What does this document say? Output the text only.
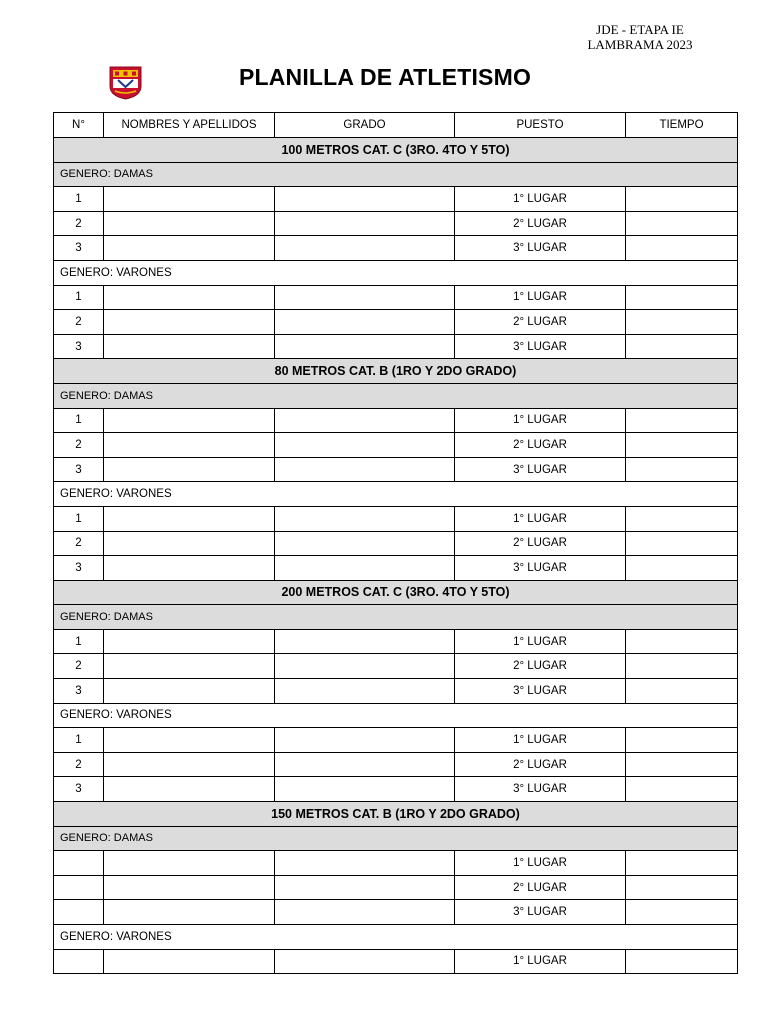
JDE - ETAPA IE
LAMBRAMA 2023
PLANILLA DE ATLETISMO
N°	NOMBRES Y APELLIDOS	GRADO	PUESTO	TIEMPO
100 METROS CAT. C (3RO. 4TO Y 5TO)				
GENERO: DAMAS				
1			1° LUGAR	
2			2° LUGAR	
3			3° LUGAR	
GENERO: VARONES				
1			1° LUGAR	
2			2° LUGAR	
3			3° LUGAR	
80 METROS CAT. B (1RO Y 2DO GRADO)				
GENERO: DAMAS				
1			1° LUGAR	
2			2° LUGAR	
3			3° LUGAR	
GENERO: VARONES				
1			1° LUGAR	
2			2° LUGAR	
3			3° LUGAR	
200 METROS CAT. C (3RO. 4TO Y 5TO)				
GENERO: DAMAS				
1			1° LUGAR	
2			2° LUGAR	
3			3° LUGAR	
GENERO: VARONES				
1			1° LUGAR	
2			2° LUGAR	
3			3° LUGAR	
150 METROS CAT. B (1RO Y 2DO GRADO)				
GENERO: DAMAS				
			1° LUGAR	
			2° LUGAR	
			3° LUGAR	
GENERO: VARONES				
			1° LUGAR	
